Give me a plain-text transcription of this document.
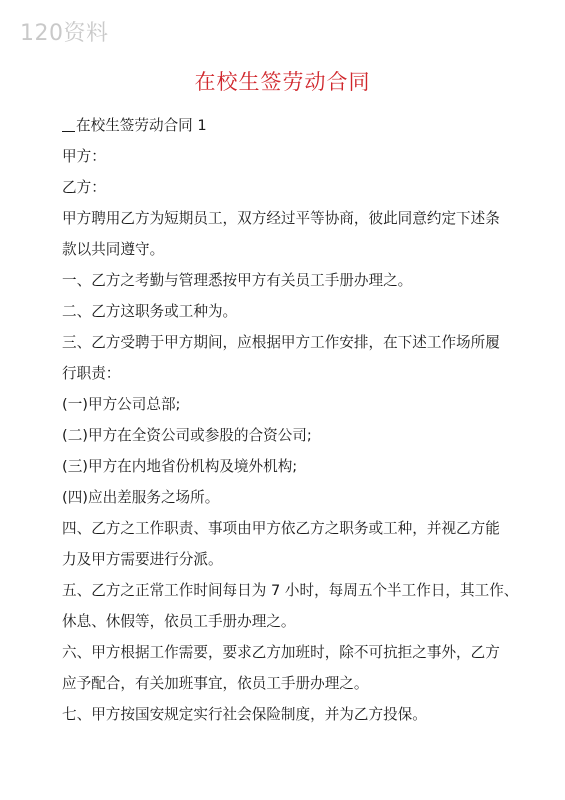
120资料
在校生签劳动合同

在校生签劳动合同 1

甲方：

乙方：

甲方聘用乙方为短期员工，双方经过平等协商，彼此同意约定下述条

款以共同遵守。

一、乙方之考勤与管理悉按甲方有关员工手册办理之。

二、乙方这职务或工种为。

三、乙方受聘于甲方期间，应根据甲方工作安排，在下述工作场所履

行职责：

(一)甲方公司总部;

(二)甲方在全资公司或参股的合资公司;

(三)甲方在内地省份机构及境外机构;

(四)应出差服务之场所。

四、乙方之工作职责、事项由甲方依乙方之职务或工种，并视乙方能

力及甲方需要进行分派。

五、乙方之正常工作时间每日为 7 小时，每周五个半工作日，其工作、

休息、休假等，依员工手册办理之。

六、甲方根据工作需要，要求乙方加班时，除不可抗拒之事外，乙方

应予配合，有关加班事宜，依员工手册办理之。

七、甲方按国安规定实行社会保险制度，并为乙方投保。
